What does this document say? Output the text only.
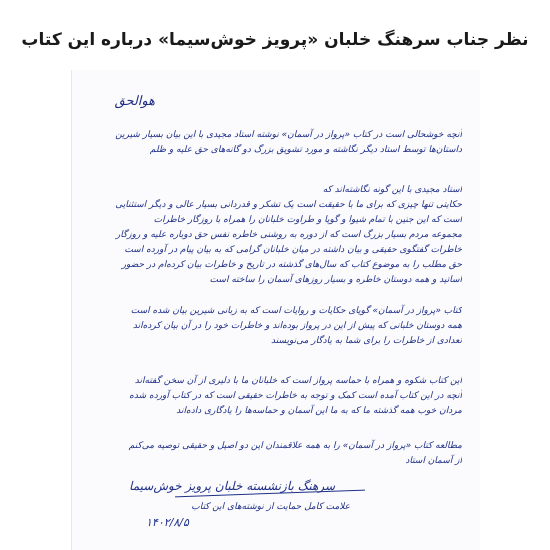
نظر جناب سرهنگ خلبان «پرویز خوش‌سیما» درباره این کتاب
هوالحق
آنچه خوشحالی است در کتاب «پرواز در آسمان» نوشته استاد مجیدی با این بیان بسیار شیرین
داستان‌ها توسط استاد دیگر نگاشته و مورد تشویق بزرگ دو گانه‌های حق علیه و ظلم
استاد مجیدی با این گونه نگاشته‌اند که
حکایتی تنها چیزی که برای ما با حقیقت است یک تشکر و قدردانی بسیار عالی و دیگر استثنایی
است که این جنین با تمام شیوا و گویا و طراوت خلبانان را همراه با روزگار خاطرات
مجموعه مردم بسیار بزرگ است که از دوره به روشنی خاطره نفس حق دوباره علیه و روزگار
خاطرات گفتگوی حقیقی و بیان داشته در میان خلبانان گرامی که به بیان پیام در آورده است
حق مطلب را به موضوع کتاب که سال‌های گذشته در تاریخ و خاطرات بیان کرده‌ام در حضور
اساتید و همه دوستان خاطره و بسیار روزهای آسمان را ساخته است
کتاب «پرواز در آسمان» گویای حکایات و روایات است که به زبانی شیرین بیان شده است
همه دوستان خلبانی که پیش از این در پرواز بوده‌اند و خاطرات خود را در آن بیان کرده‌اند
تعدادی از خاطرات را برای شما به یادگار می‌نویسند
این کتاب شکوه و همراه با حماسه پرواز است که خلبانان ما با دلیری از آن سخن گفته‌اند
آنچه در این کتاب آمده است کمک و توجه به خاطرات حقیقی است که در کتاب آورده شده
مردان خوب همه گذشته ما که به ما این آسمان و حماسه‌ها را یادگاری داده‌اند
مطالعه کتاب «پرواز در آسمان» را به همه علاقمندان این دو اصیل و حقیقی توصیه می‌کنم
از آسمان استاد
سرهنگ بازنشسته خلبان پرویز خوش‌سیما
علامت کامل حمایت از نوشته‌های این کتاب
۱۴۰۲/۸/۵
